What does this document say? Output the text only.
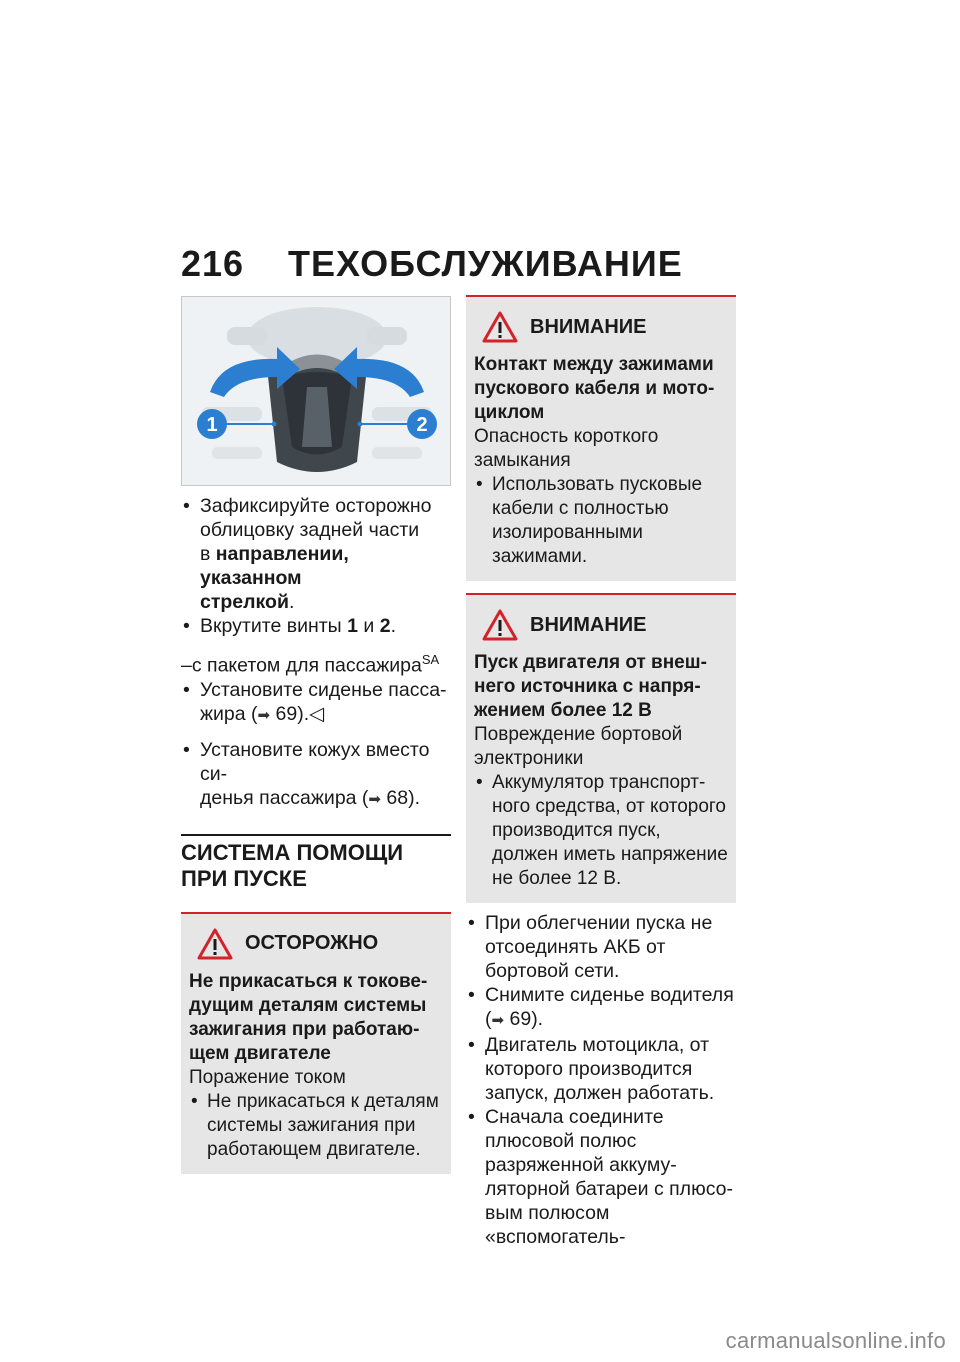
216 ТЕХОБСЛУЖИВАНИЕ
1	2
• Зафиксируйте осторожно
облицовку задней части
в направлении, указанном
стрелкой.
• Вкрутите винты 1 и 2.
–с пакетом для пассажира$^{SA}$
• Установите сиденье пасса-
жира (➡ 69).◁
• Установите кожух вместо си-
денья пассажира (➡ 68).
СИСТЕМА ПОМОЩИ ПРИ ПУСКЕ
ОСТОРОЖНО
Не прикасаться к токоведущим деталям системы зажигания при работающем двигателе
Поражение током
• Не прикасаться к деталям системы зажигания при работающем двигателе.
ВНИМАНИЕ
Контакт между зажимами пускового кабеля и мотоциклом
Опасность короткого замыкания
• Использовать пусковые кабели с полностью изолированными зажимами.
ВНИМАНИЕ
Пуск двигателя от внешнего источника с напряжением более 12 В
Повреждение бортовой электроники
• Аккумулятор транспортного средства, от которого производится пуск, должен иметь напряжение не более 12 В.
• При облегчении пуска не отсоединять АКБ от бортовой сети.
• Снимите сиденье водителя
(➡ 69).
• Двигатель мотоцикла, от которого производится запуск, должен работать.
• Сначала соедините плюсовой полюс разряженной аккумуляторной батареи с плюсовым полюсом «вспомогатель-
carmanualsonline.info
